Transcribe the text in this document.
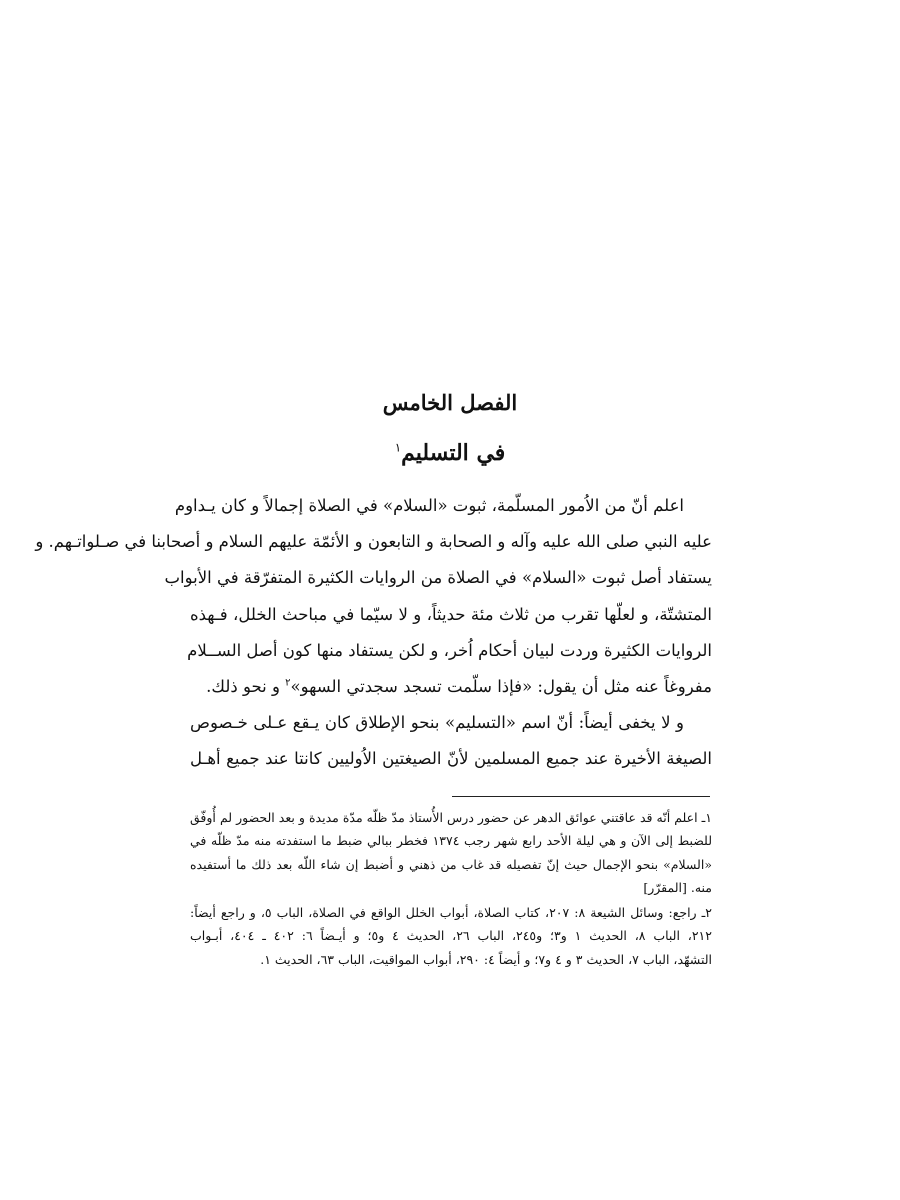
الفصل الخامس
في التسليم$^١$

اعلم أنّ من الاُمور المسلّمة، ثبوت «السلام» في الصلاة إجمالاً و كان يـداوم
عليه النبي صلى الله عليه وآله و الصحابة و التابعون و الأئمّة عليهم السلام و أصحابنا في صـلواتـهم. و
يستفاد أصل ثبوت «السلام» في الصلاة من الروايات الكثيرة المتفرّقة في الأبواب
المتشتّة، و لعلّها تقرب من ثلاث مئة حديثاً، و لا سيّما في مباحث الخلل، فـهذه
الروايات الكثيرة وردت لبيان أحكام اُخر، و لكن يستفاد منها كون أصل الســلام
مفروغاً عنه مثل أن يقول: «فإذا سلّمت تسجد سجدتي السهو»$^٢$ و نحو ذلك.

و لا يخفى أيضاً: أنّ اسم «التسليم» بنحو الإطلاق كان يـقع عـلى خـصوص
الصيغة الأخيرة عند جميع المسلمين لأنّ الصيغتين الاُوليين كانتا عند جميع أهـل

١ـ اعلم أنّه قد عاقتني عوائق الدهر عن حضور درس الأُستاذ مدّ ظلّه مدّة مديدة و بعد الحضور لم أُوفّق
للضبط إلى الآن و هي ليلة الأحد رابع شهر رجب ١٣٧٤ فخطر ببالي ضبط ما استفدته منه مدّ ظلّه في
«السلام» بنحو الإجمال حيث إنّ تفصيله قد غاب من ذهني و أضبط إن شاء اللّه بعد ذلك ما أستفيده
منه. [المقرّر]
٢ـ راجع: وسائل الشيعة ٨: ٢٠٧، كتاب الصلاة، أبواب الخلل الواقع في الصلاة، الباب ٥، و راجع أيضاً:
٢١٢، الباب ٨، الحديث ١ و٣؛ و٢٤٥، الباب ٢٦، الحديث ٤ و٥؛ و أيـضاً ٦: ٤٠٢ ـ ٤٠٤، أبـواب
التشهّد، الباب ٧، الحديث ٣ و ٤ و٧؛ و أيضاً ٤: ٢٩٠، أبواب المواقيت، الباب ٦٣، الحديث ١.
